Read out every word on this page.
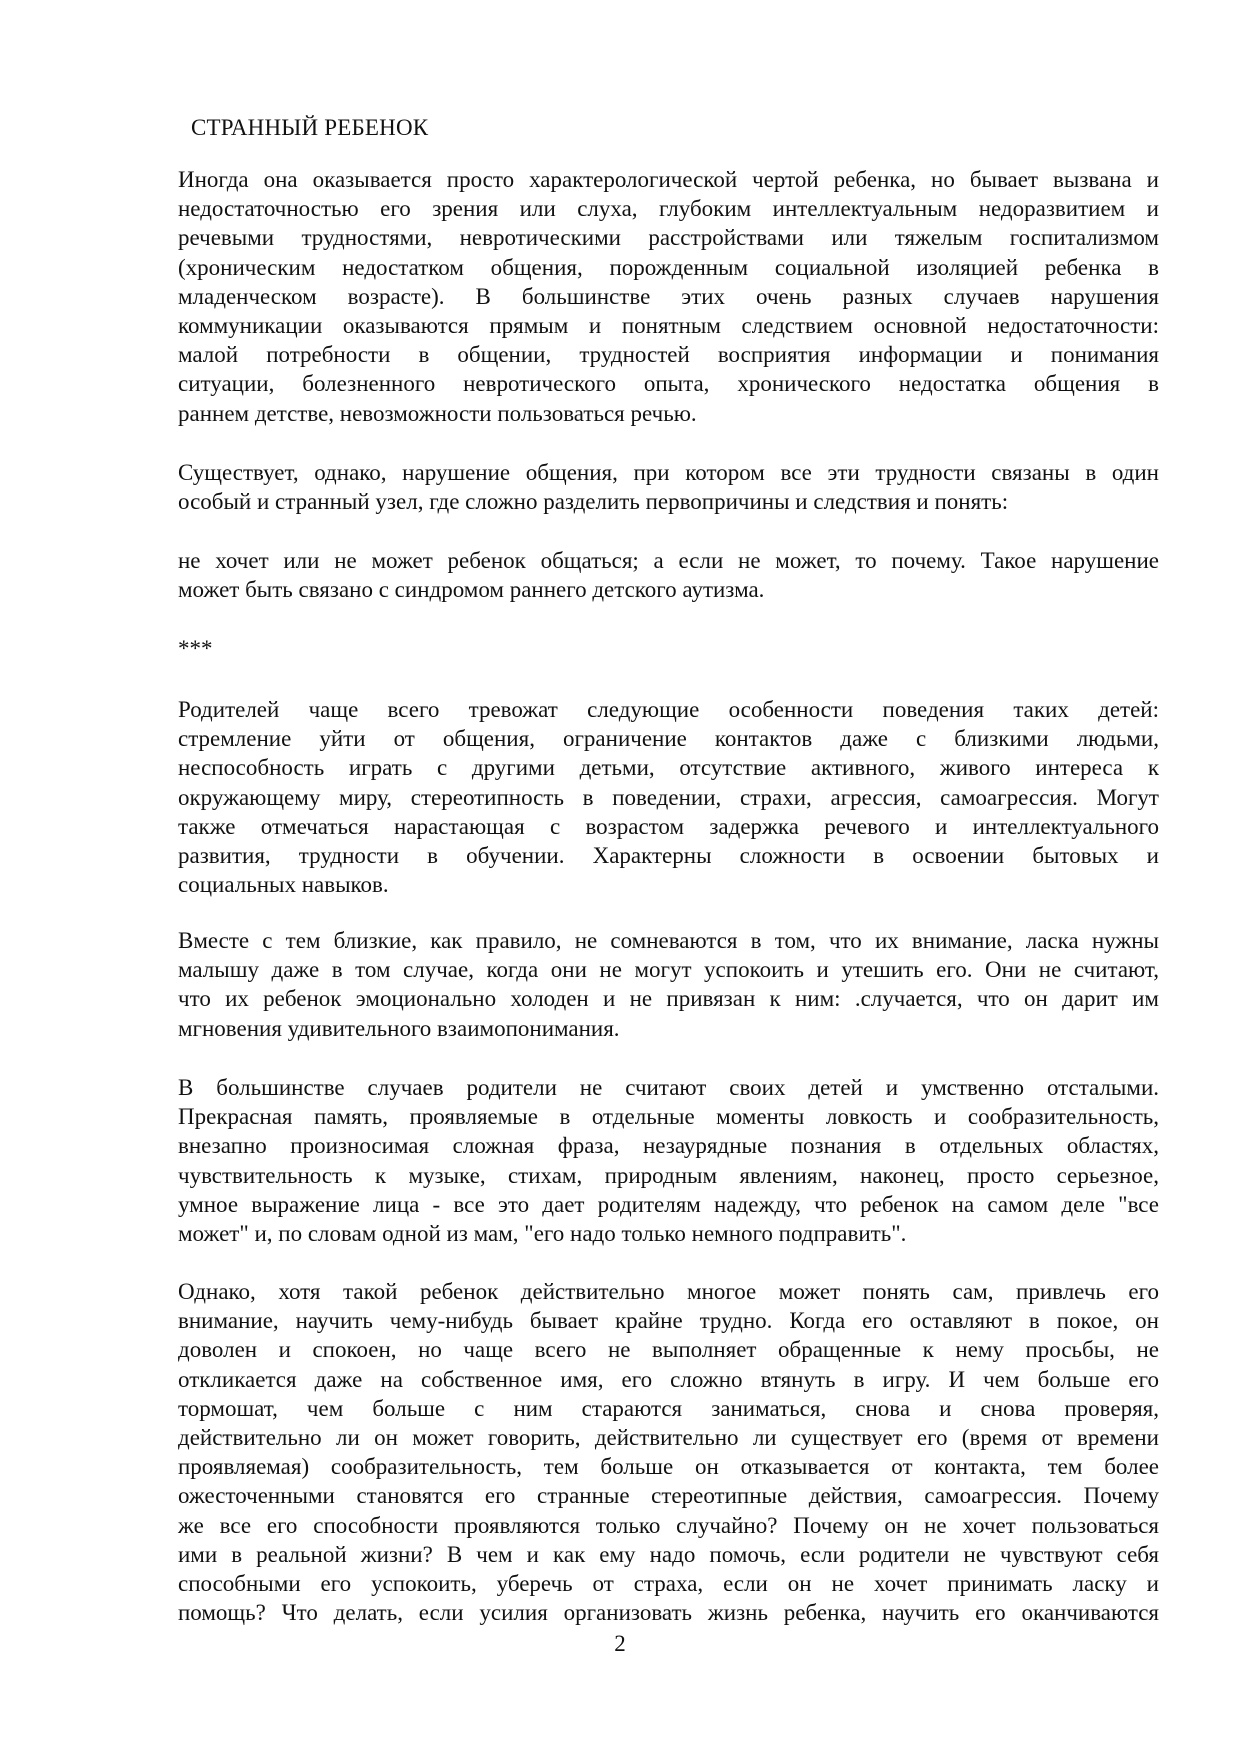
СТРАННЫЙ РЕБЕНОК
Иногда она оказывается просто характерологической чертой ребенка, но бывает вызвана и
недостаточностью его зрения или слуха, глубоким интеллектуальным недоразвитием и
речевыми трудностями, невротическими расстройствами или тяжелым госпитализмом
(хроническим недостатком общения, порожденным социальной изоляцией ребенка в
младенческом возрасте). В большинстве этих очень разных случаев нарушения
коммуникации оказываются прямым и понятным следствием основной недостаточности:
малой потребности в общении, трудностей восприятия информации и понимания
ситуации, болезненного невротического опыта, хронического недостатка общения в
раннем детстве, невозможности пользоваться речью.
Существует, однако, нарушение общения, при котором все эти трудности связаны в один
особый и странный узел, где сложно разделить первопричины и следствия и понять:
не хочет или не может ребенок общаться; а если не может, то почему. Такое нарушение
может быть связано с синдромом раннего детского аутизма.
***
Родителей чаще всего тревожат следующие особенности поведения таких детей:
стремление уйти от общения, ограничение контактов даже с близкими людьми,
неспособность играть с другими детьми, отсутствие активного, живого интереса к
окружающему миру, стереотипность в поведении, страхи, агрессия, самоагрессия. Могут
также отмечаться нарастающая с возрастом задержка речевого и интеллектуального
развития, трудности в обучении. Характерны сложности в освоении бытовых и
социальных навыков.
Вместе с тем близкие, как правило, не сомневаются в том, что их внимание, ласка нужны
малышу даже в том случае, когда они не могут успокоить и утешить его. Они не считают,
что их ребенок эмоционально холоден и не привязан к ним: .случается, что он дарит им
мгновения удивительного взаимопонимания.
В большинстве случаев родители не считают своих детей и умственно отсталыми.
Прекрасная память, проявляемые в отдельные моменты ловкость и сообразительность,
внезапно произносимая сложная фраза, незаурядные познания в отдельных областях,
чувствительность к музыке, стихам, природным явлениям, наконец, просто серьезное,
умное выражение лица - все это дает родителям надежду, что ребенок на самом деле "все
может" и, по словам одной из мам, "его надо только немного подправить".
Однако, хотя такой ребенок действительно многое может понять сам, привлечь его
внимание, научить чему-нибудь бывает крайне трудно. Когда его оставляют в покое, он
доволен и спокоен, но чаще всего не выполняет обращенные к нему просьбы, не
откликается даже на собственное имя, его сложно втянуть в игру. И чем больше его
тормошат, чем больше с ним стараются заниматься, снова и снова проверяя,
действительно ли он может говорить, действительно ли существует его (время от времени
проявляемая) сообразительность, тем больше он отказывается от контакта, тем более
ожесточенными становятся его странные стереотипные действия, самоагрессия. Почему
же все его способности проявляются только случайно? Почему он не хочет пользоваться
ими в реальной жизни? В чем и как ему надо помочь, если родители не чувствуют себя
способными его успокоить, уберечь от страха, если он не хочет принимать ласку и
помощь? Что делать, если усилия организовать жизнь ребенка, научить его оканчиваются
2
